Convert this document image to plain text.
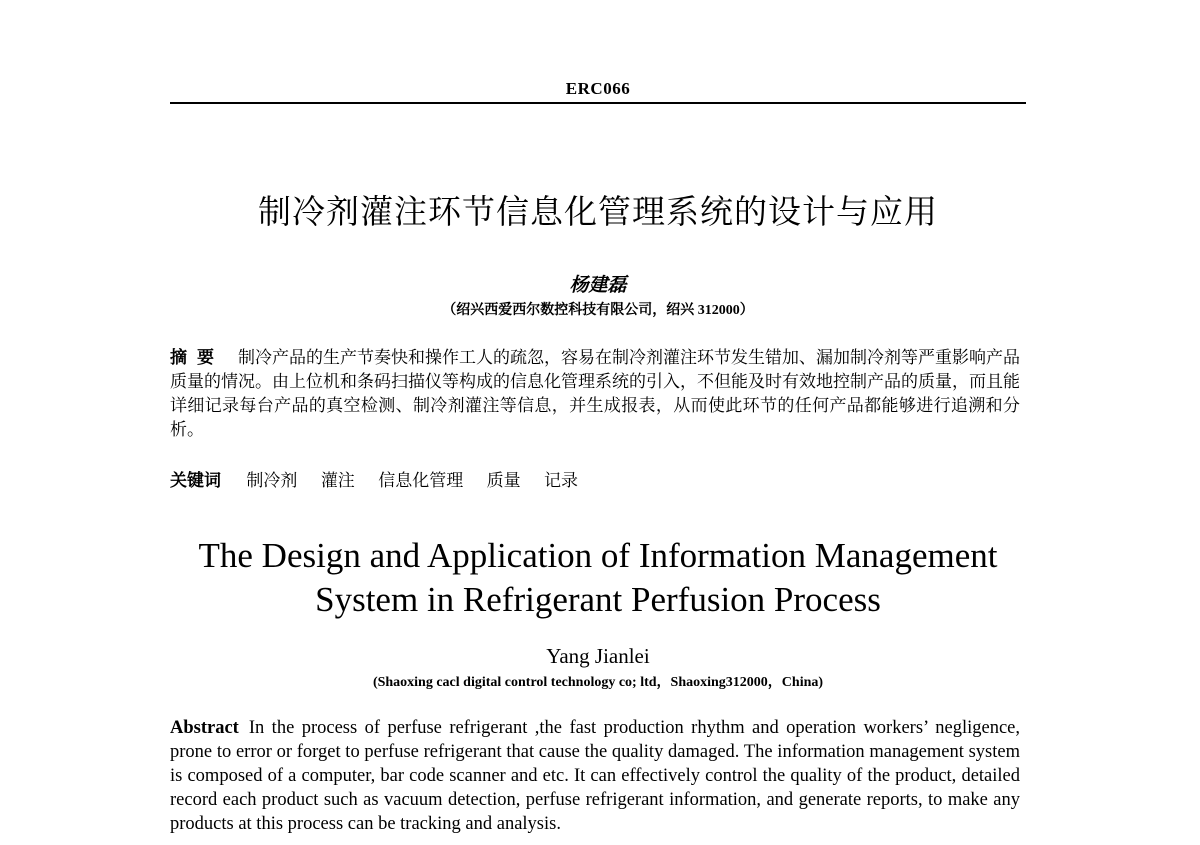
ERC066
制冷剂灌注环节信息化管理系统的设计与应用
杨建磊
（绍兴西爱西尔数控科技有限公司，绍兴 312000）
摘要 制冷产品的生产节奏快和操作工人的疏忽，容易在制冷剂灌注环节发生错加、漏加制冷剂等严重影响产品质量的情况。由上位机和条码扫描仪等构成的信息化管理系统的引入，不但能及时有效地控制产品的质量，而且能详细记录每台产品的真空检测、制冷剂灌注等信息，并生成报表，从而使此环节的任何产品都能够进行追溯和分析。
关键词 制冷剂 灌注 信息化管理 质量 记录
The Design and Application of Information Management
System in Refrigerant Perfusion Process
Yang Jianlei
(Shaoxing cacl digital control technology co; ltd，Shaoxing312000，China)
Abstract In the process of perfuse refrigerant ,the fast production rhythm and operation workers’ negligence, prone to error or forget to perfuse refrigerant that cause the quality damaged. The information management system is composed of a computer, bar code scanner and etc. It can effectively control the quality of the product, detailed record each product such as vacuum detection, perfuse refrigerant information, and generate reports, to make any products at this process can be tracking and analysis.
